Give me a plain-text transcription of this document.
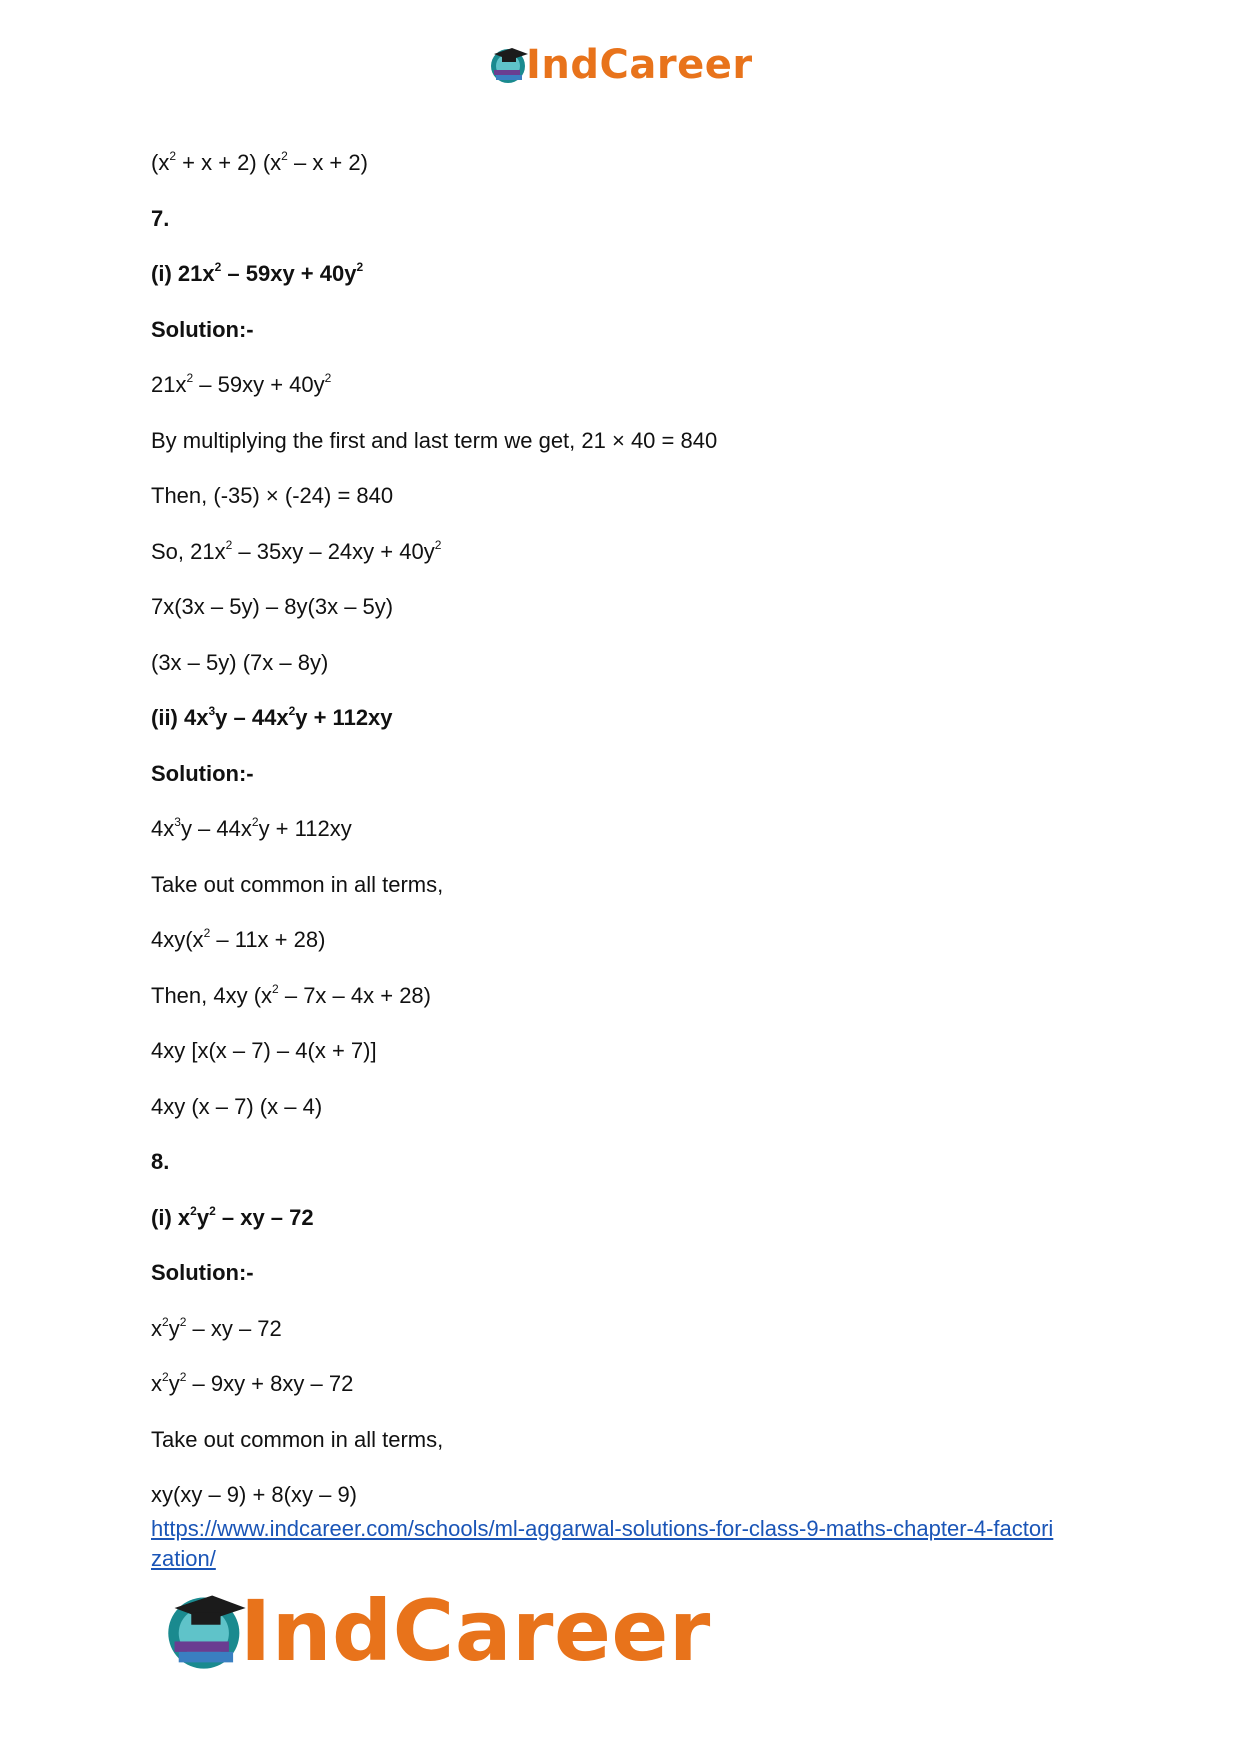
IndCareer
$(x^2 + x + 2)$ $(x^2 - x + 2)$
7.
(i) $21x^2 - 59xy + 40y^2$
Solution:-
$21x^2 - 59xy + 40y^2$
By multiplying the first and last term we get, 21 × 40 = 840
Then, (-35) × (-24) = 840
So, $21x^2 - 35xy - 24xy + 40y^2$
7x(3x – 5y) – 8y(3x – 5y)
(3x – 5y) (7x – 8y)
(ii) $4x^3y - 44x^2y + 112xy$
Solution:-
$4x^3y - 44x^2y + 112xy$
Take out common in all terms,
$4xy(x^2 - 11x + 28)$
Then, 4xy $(x^2 - 7x - 4x + 28)$
4xy [x(x – 7) – 4(x + 7)]
4xy (x – 7) (x – 4)
8.
(i) $x^2y^2$ – xy – 72
Solution:-
$x^2y^2$ – xy – 72
$x^2y^2 - 9xy + 8xy - 72$
Take out common in all terms,
xy(xy – 9) + 8(xy – 9)
https://www.indcareer.com/schools/ml-aggarwal-solutions-for-class-9-maths-chapter-4-factori
zation/
IndCareer
